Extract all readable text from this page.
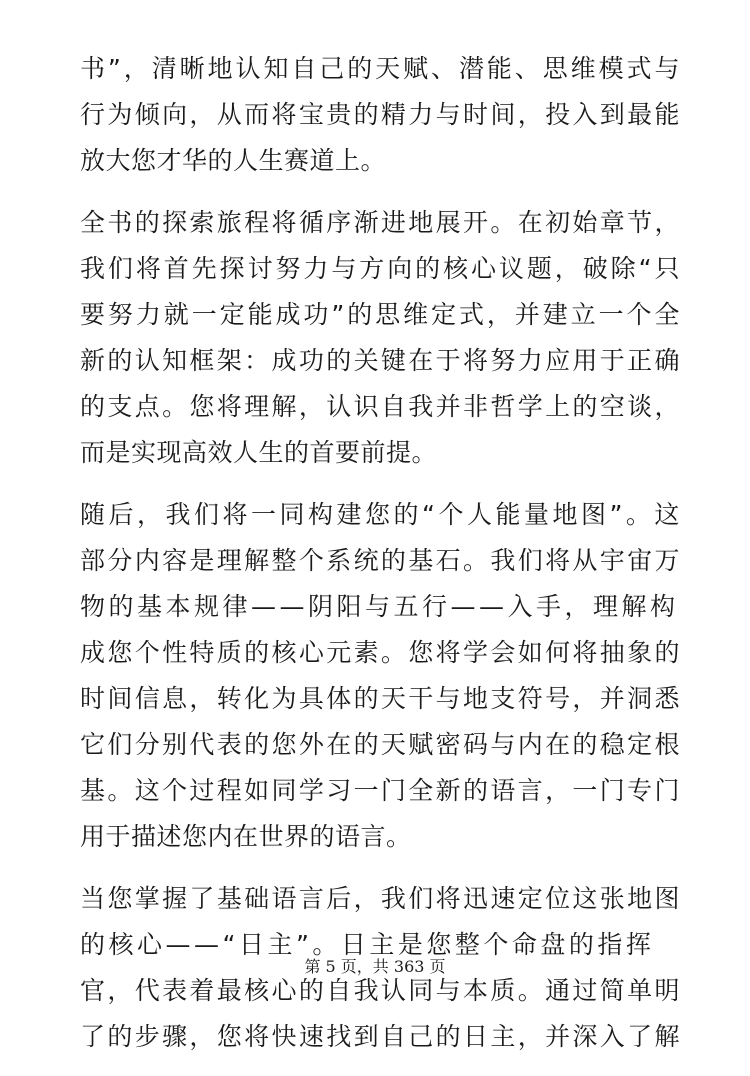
书”，清晰地认知自己的天赋、潜能、思维模式与
行为倾向，从而将宝贵的精力与时间，投入到最能
放大您才华的人生赛道上。

全书的探索旅程将循序渐进地展开。在初始章节，
我们将首先探讨努力与方向的核心议题，破除“只
要努力就一定能成功”的思维定式，并建立一个全
新的认知框架：成功的关键在于将努力应用于正确
的支点。您将理解，认识自我并非哲学上的空谈，
而是实现高效人生的首要前提。

随后，我们将一同构建您的“个人能量地图”。这
部分内容是理解整个系统的基石。我们将从宇宙万
物的基本规律——阴阳与五行——入手，理解构
成您个性特质的核心元素。您将学会如何将抽象的
时间信息，转化为具体的天干与地支符号，并洞悉
它们分别代表的您外在的天赋密码与内在的稳定根
基。这个过程如同学习一门全新的语言，一门专门
用于描述您内在世界的语言。

当您掌握了基础语言后，我们将迅速定位这张地图
的核心——“日主”。日主是您整个命盘的指挥
官，代表着最核心的自我认同与本质。通过简单明
了的步骤，您将快速找到自己的日主，并深入了解

第 5 页，共 363 页
